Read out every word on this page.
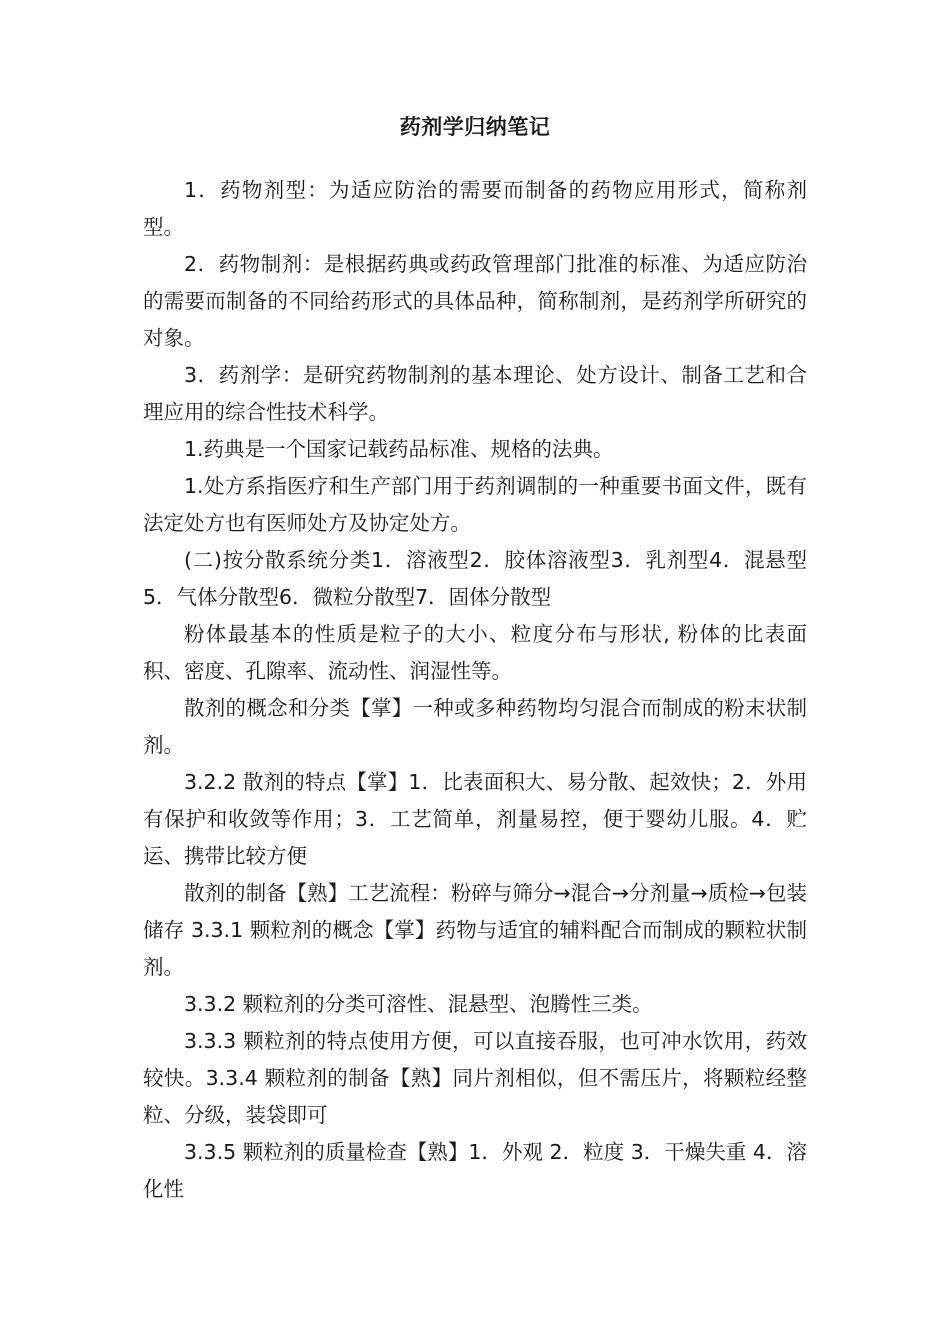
药剂学归纳笔记

1．药物剂型：为适应防治的需要而制备的药物应用形式，简称剂型。

2．药物制剂：是根据药典或药政管理部门批准的标准、为适应防治的需要而制备的不同给药形式的具体品种，简称制剂，是药剂学所研究的对象。

3．药剂学：是研究药物制剂的基本理论、处方设计、制备工艺和合理应用的综合性技术科学。

1.药典是一个国家记载药品标准、规格的法典。

1.处方系指医疗和生产部门用于药剂调制的一种重要书面文件，既有法定处方也有医师处方及协定处方。

(二)按分散系统分类1．溶液型2．胶体溶液型3．乳剂型4．混悬型5．气体分散型6．微粒分散型7．固体分散型

粉体最基本的性质是粒子的大小、粒度分布与形状, 粉体的比表面积、密度、孔隙率、流动性、润湿性等。

散剂的概念和分类【掌】一种或多种药物均匀混合而制成的粉末状制剂。

3.2.2 散剂的特点【掌】1．比表面积大、易分散、起效快；2．外用有保护和收敛等作用；3．工艺简单，剂量易控，便于婴幼儿服。4．贮运、携带比较方便

散剂的制备【熟】工艺流程：粉碎与筛分→混合→分剂量→质检→包装储存 3.3.1 颗粒剂的概念【掌】药物与适宜的辅料配合而制成的颗粒状制剂。

3.3.2 颗粒剂的分类可溶性、混悬型、泡腾性三类。

3.3.3 颗粒剂的特点使用方便，可以直接吞服，也可冲水饮用，药效较快。3.3.4 颗粒剂的制备【熟】同片剂相似，但不需压片，将颗粒经整粒、分级，装袋即可

3.3.5 颗粒剂的质量检查【熟】1．外观 2．粒度 3．干燥失重 4．溶化性
